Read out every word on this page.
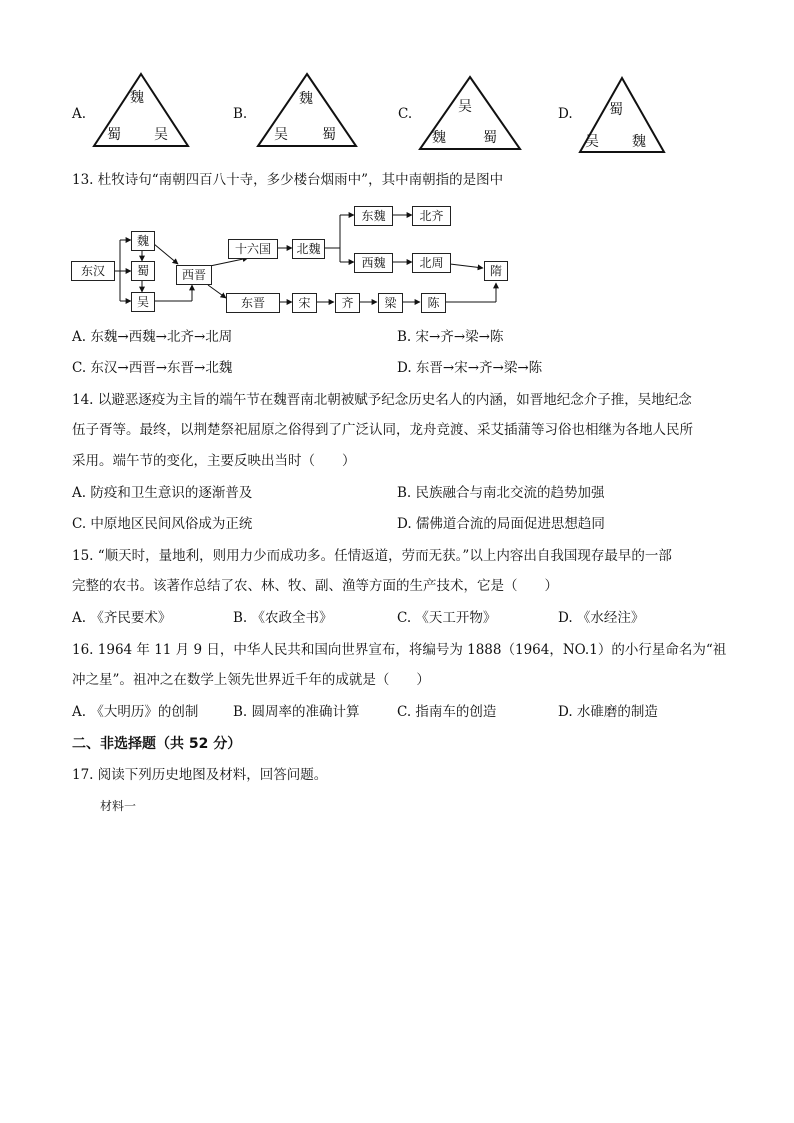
A.
魏
蜀 吴
B.
魏
吴 蜀
C.	吴
魏	蜀
D.	蜀
吴 魏
13. 杜牧诗句“南朝四百八十寺，多少楼台烟雨中”，其中南朝指的是图中
东汉
魏
蜀
吴
西晋
十六国	北魏
东魏	北齐
西魏	北周
隋
东晋	宋	齐	梁	陈
A. 东魏→西魏→北齐→北周	B. 宋→齐→梁→陈
C. 东汉→西晋→东晋→北魏	D. 东晋→宋→齐→梁→陈
14. 以避恶逐疫为主旨的端午节在魏晋南北朝被赋予纪念历史名人的内涵，如晋地纪念介子推，吴地纪念
伍子胥等。最终，以荆楚祭祀屈原之俗得到了广泛认同，龙舟竞渡、采艾插蒲等习俗也相继为各地人民所
采用。端午节的变化，主要反映出当时（　　）
A. 防疫和卫生意识的逐渐普及	B. 民族融合与南北交流的趋势加强
C. 中原地区民间风俗成为正统	D. 儒佛道合流的局面促进思想趋同
15. “顺天时，量地利，则用力少而成功多。任情返道，劳而无获。”以上内容出自我国现存最早的一部
完整的农书。该著作总结了农、林、牧、副、渔等方面的生产技术，它是（　　）
A. 《齐民要术》	B. 《农政全书》	C. 《天工开物》	D. 《水经注》
16. 1964 年 11 月 9 日，中华人民共和国向世界宣布，将编号为 1888（1964，NO.1）的小行星命名为“祖
冲之星”。祖冲之在数学上领先世界近千年的成就是（　　）
A. 《大明历》的创制	B. 圆周率的准确计算	C. 指南车的创造	D. 水碓磨的制造
二、非选择题（共 52 分）
17. 阅读下列历史地图及材料，回答问题。
材料一
